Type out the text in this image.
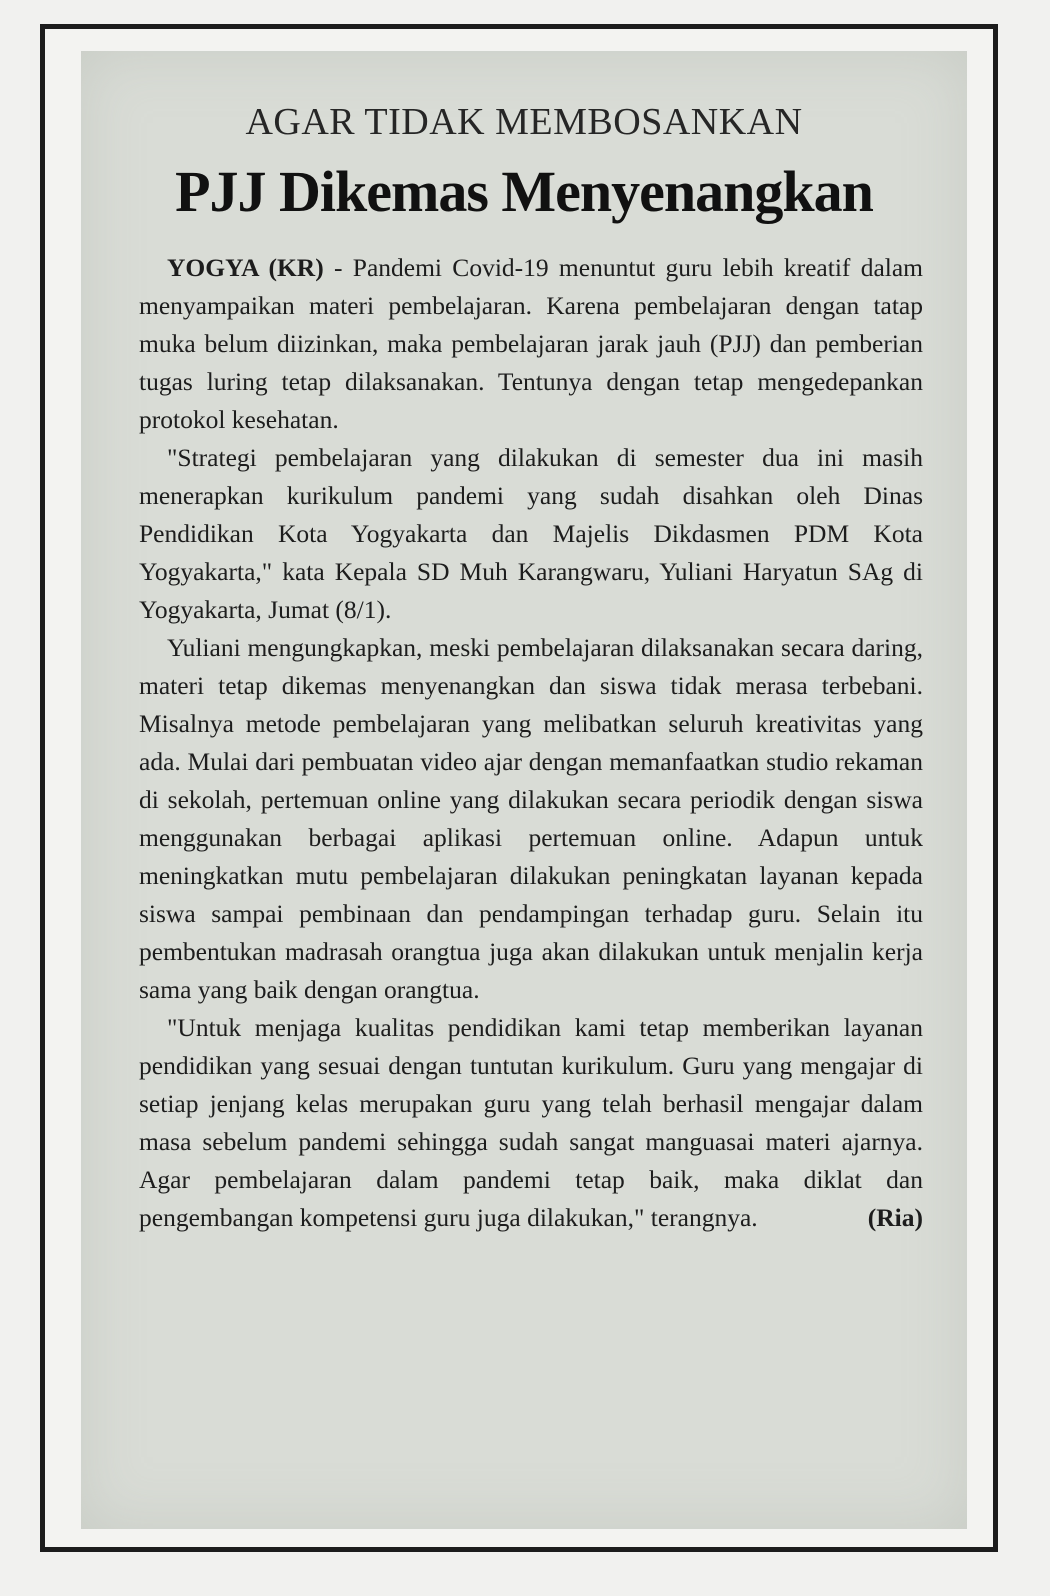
AGAR TIDAK MEMBOSANKAN
PJJ Dikemas Menyenangkan

YOGYA (KR) - Pandemi Covid-19 menuntut guru lebih kreatif dalam menyampaikan materi pembelajaran. Karena pembelajaran dengan tatap muka belum diizinkan, maka pembelajaran jarak jauh (PJJ) dan pemberian tugas luring tetap dilaksanakan. Tentunya dengan tetap mengedepankan protokol kesehatan.

"Strategi pembelajaran yang dilakukan di semester dua ini masih menerapkan kurikulum pandemi yang sudah disahkan oleh Dinas Pendidikan Kota Yogyakarta dan Majelis Dikdasmen PDM Kota Yogyakarta," kata Kepala SD Muh Karangwaru, Yuliani Haryatun SAg di Yogyakarta, Jumat (8/1).

Yuliani mengungkapkan, meski pembelajaran dilaksanakan secara daring, materi tetap dikemas menyenangkan dan siswa tidak merasa terbebani. Misalnya metode pembelajaran yang melibatkan seluruh kreativitas yang ada. Mulai dari pembuatan video ajar dengan memanfaatkan studio rekaman di sekolah, pertemuan online yang dilakukan secara periodik dengan siswa menggunakan berbagai aplikasi pertemuan online. Adapun untuk meningkatkan mutu pembelajaran dilakukan peningkatan layanan kepada siswa sampai pembinaan dan pendampingan terhadap guru. Selain itu pembentukan madrasah orangtua juga akan dilakukan untuk menjalin kerja sama yang baik dengan orangtua.

"Untuk menjaga kualitas pendidikan kami tetap memberikan layanan pendidikan yang sesuai dengan tuntutan kurikulum. Guru yang mengajar di setiap jenjang kelas merupakan guru yang telah berhasil mengajar dalam masa sebelum pandemi sehingga sudah sangat manguasai materi ajarnya. Agar pembelajaran dalam pandemi tetap baik, maka diklat dan pengembangan kompetensi guru juga dilakukan," terangnya.	(Ria)
